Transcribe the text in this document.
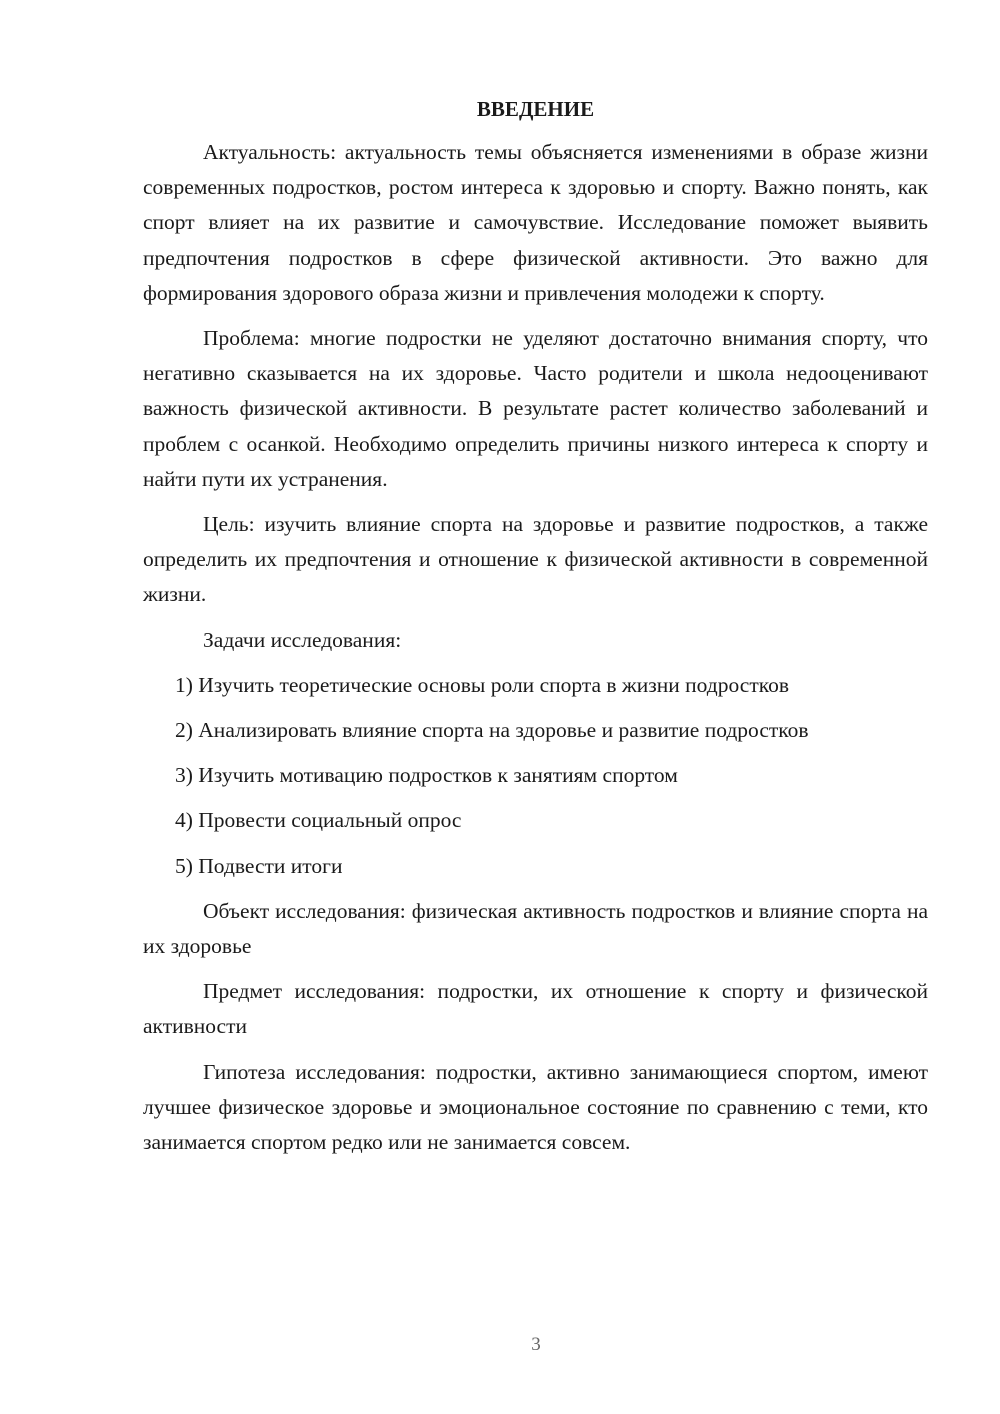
ВВЕДЕНИЕ

Актуальность: актуальность темы объясняется изменениями в образе жизни современных подростков, ростом интереса к здоровью и спорту. Важно понять, как спорт влияет на их развитие и самочувствие. Исследование поможет выявить предпочтения подростков в сфере физической активности. Это важно для формирования здорового образа жизни и привлечения молодежи к спорту.

Проблема: многие подростки не уделяют достаточно внимания спорту, что негативно сказывается на их здоровье. Часто родители и школа недооценивают важность физической активности. В результате растет количество заболеваний и проблем с осанкой. Необходимо определить причины низкого интереса к спорту и найти пути их устранения.

Цель: изучить влияние спорта на здоровье и развитие подростков, а также определить их предпочтения и отношение к физической активности в современной жизни.

Задачи исследования:

1) Изучить теоретические основы роли спорта в жизни подростков
2) Анализировать влияние спорта на здоровье и развитие подростков
3) Изучить мотивацию подростков к занятиям спортом
4) Провести социальный опрос
5) Подвести итоги

Объект исследования: физическая активность подростков и влияние спорта на их здоровье

Предмет исследования: подростки, их отношение к спорту и физической активности

Гипотеза исследования: подростки, активно занимающиеся спортом, имеют лучшее физическое здоровье и эмоциональное состояние по сравнению с теми, кто занимается спортом редко или не занимается совсем.

3
